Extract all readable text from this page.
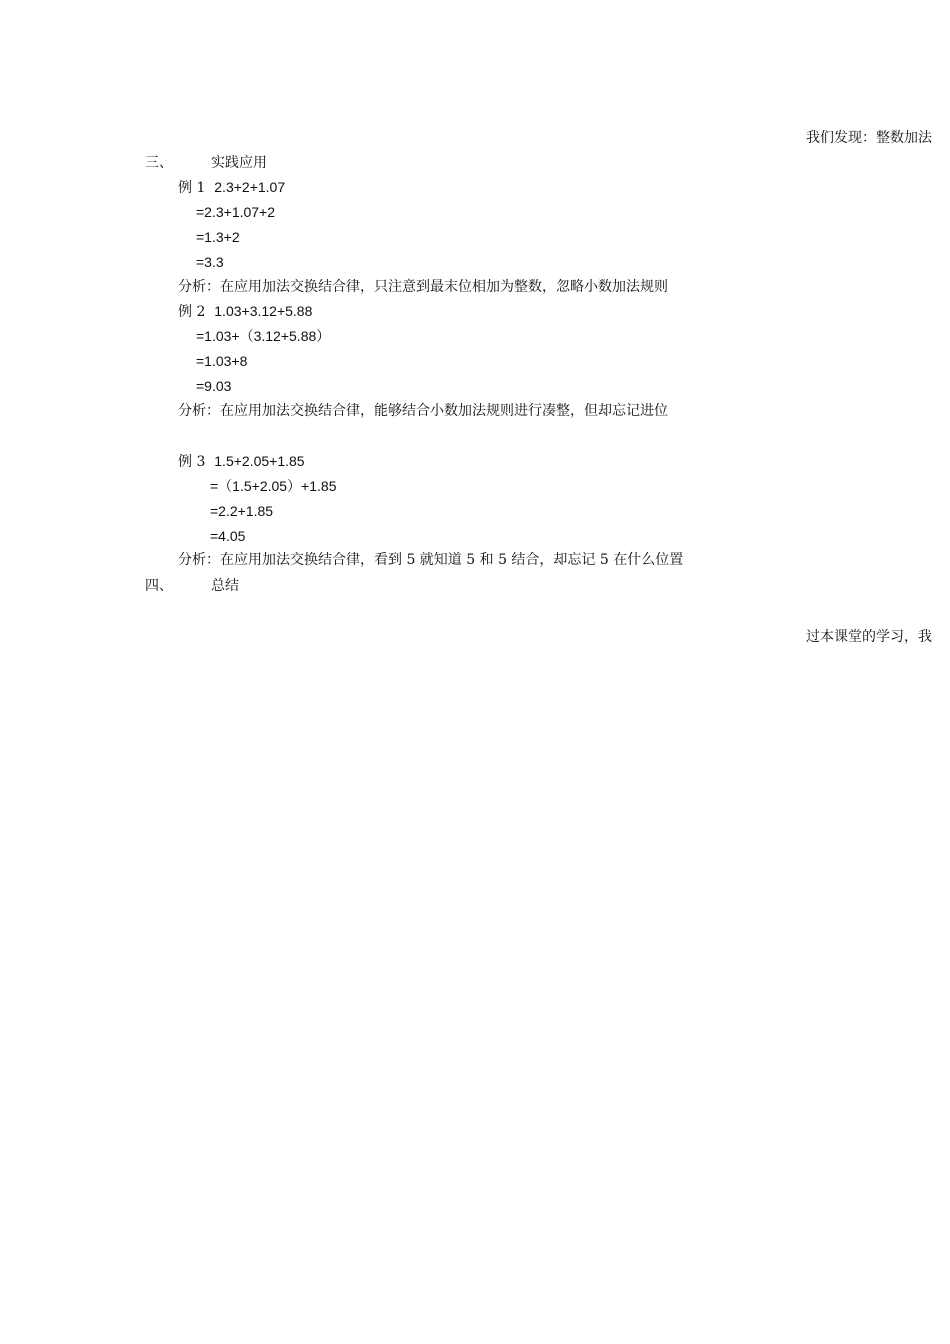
我们发现：整数加法
三、	实践应用
例 1 2.3+2+1.07
=2.3+1.07+2
=1.3+2
=3.3
分析：在应用加法交换结合律，只注意到最末位相加为整数，忽略小数加法规则
例 2 1.03+3.12+5.88
=1.03+（3.12+5.88）
=1.03+8
=9.03
分析：在应用加法交换结合律，能够结合小数加法规则进行凑整，但却忘记进位
例 3 1.5+2.05+1.85
=（1.5+2.05）+1.85
=2.2+1.85
=4.05
分析：在应用加法交换结合律，看到 5 就知道 5 和 5 结合，却忘记 5 在什么位置
四、	总结
过本课堂的学习，我
